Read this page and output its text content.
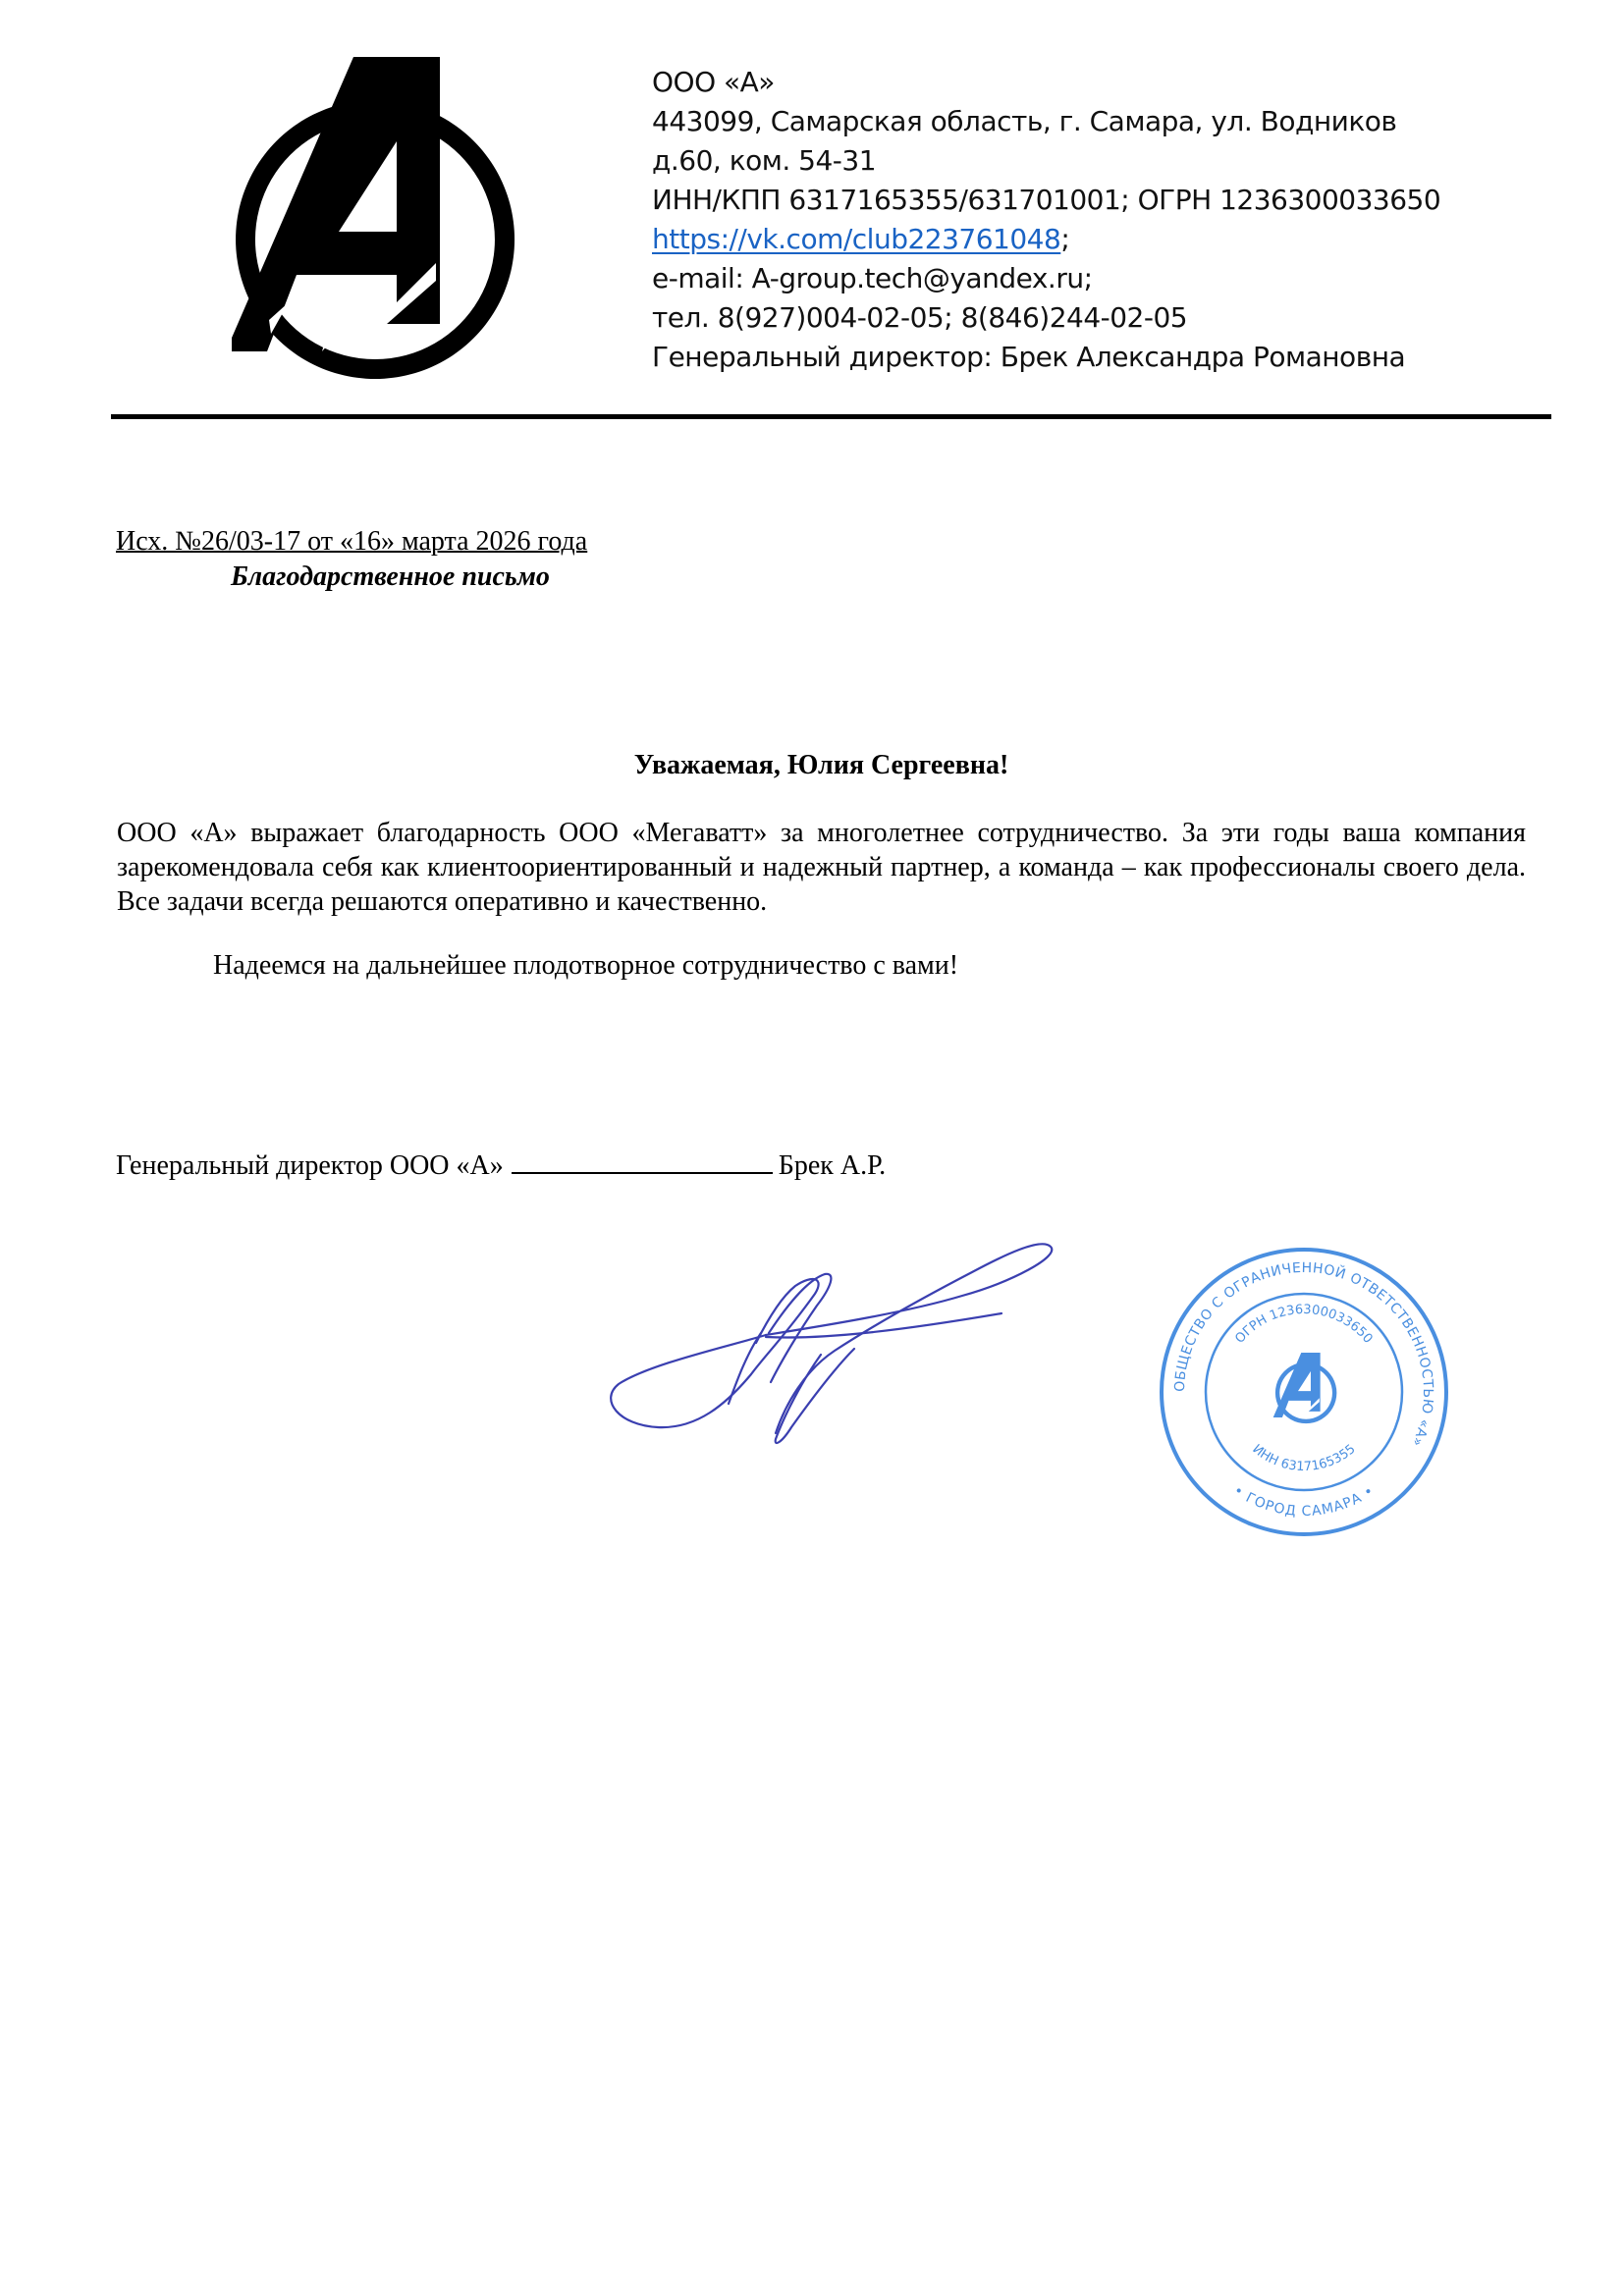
ООО «А»
443099, Самарская область, г. Самара, ул. Водников
д.60, ком. 54-31
ИНН/КПП 6317165355/631701001; ОГРН 1236300033650
https://vk.com/club223761048;
e-mail: A-group.tech@yandex.ru;
тел. 8(927)004-02-05; 8(846)244-02-05
Генеральный директор: Брек Александра Романовна
Исх. №26/03-17 от «16» марта 2026 года
Благодарственное письмо
Уважаемая, Юлия Сергеевна!
ООО «А» выражает благодарность ООО «Мегаватт» за многолетнее сотрудничество. За эти годы ваша компания зарекомендовала себя как клиентоориентированный и надежный партнер, а команда – как профессионалы своего дела. Все задачи всегда решаются оперативно и качественно.
Надеемся на дальнейшее плодотворное сотрудничество с вами!
Генеральный директор ООО «А»	Брек А.Р.
ОБЩЕСТВО С ОГРАНИЧЕННОЙ ОТВЕТСТВЕННОСТЬЮ «А»
• ГОРОД САМАРА •
ОГРН 1236300033650
ИНН 6317165355
